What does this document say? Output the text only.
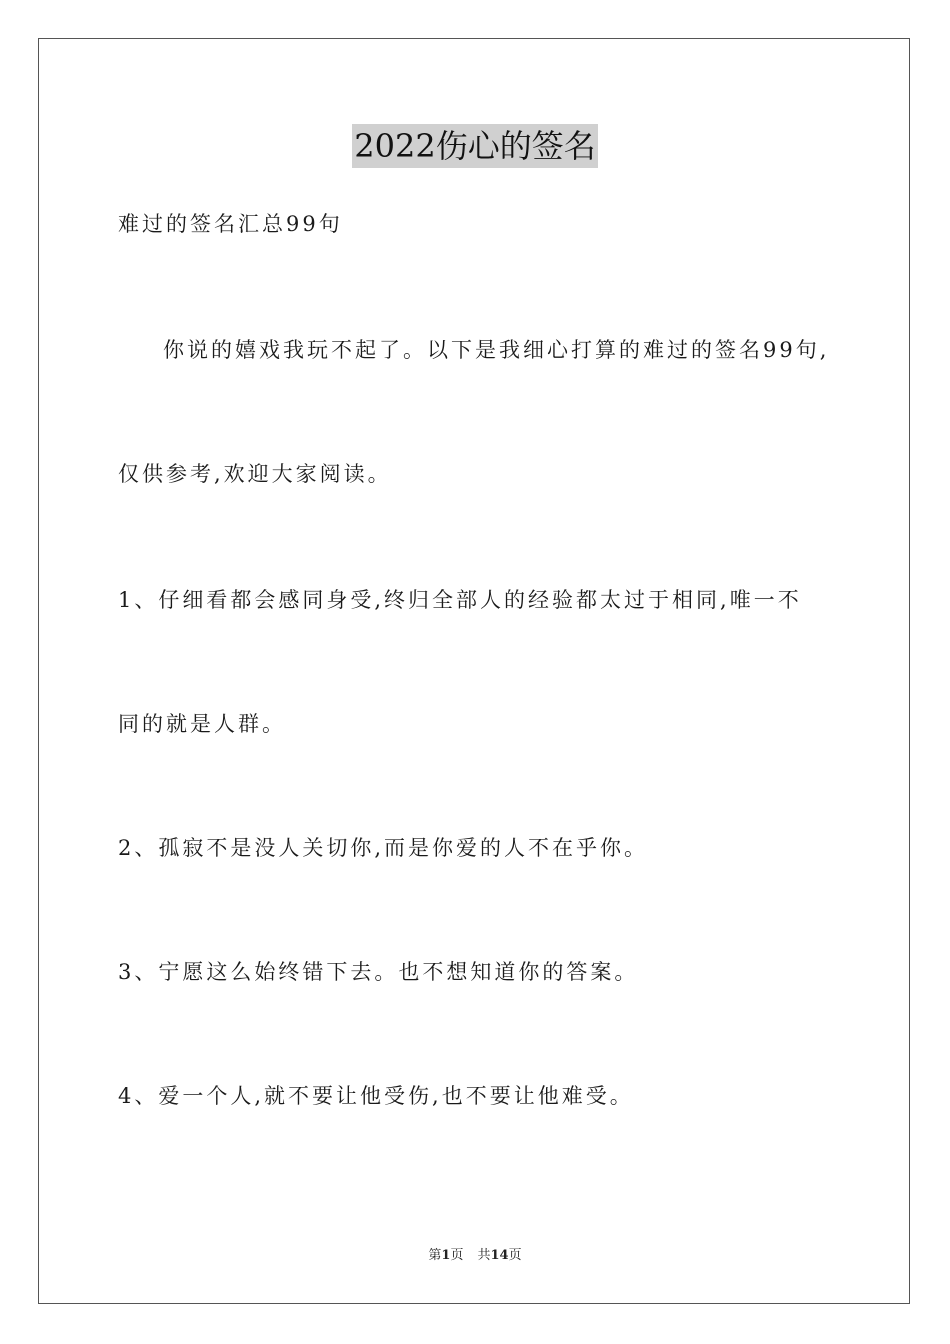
2022伤心的签名
难过的签名汇总99句
你说的嬉戏我玩不起了。以下是我细心打算的难过的签名99句,
仅供参考,欢迎大家阅读。
1、仔细看都会感同身受,终归全部人的经验都太过于相同,唯一不
同的就是人群。
2、孤寂不是没人关切你,而是你爱的人不在乎你。
3、宁愿这么始终错下去。也不想知道你的答案。
4、爱一个人,就不要让他受伤,也不要让他难受。
第1页 共14页
